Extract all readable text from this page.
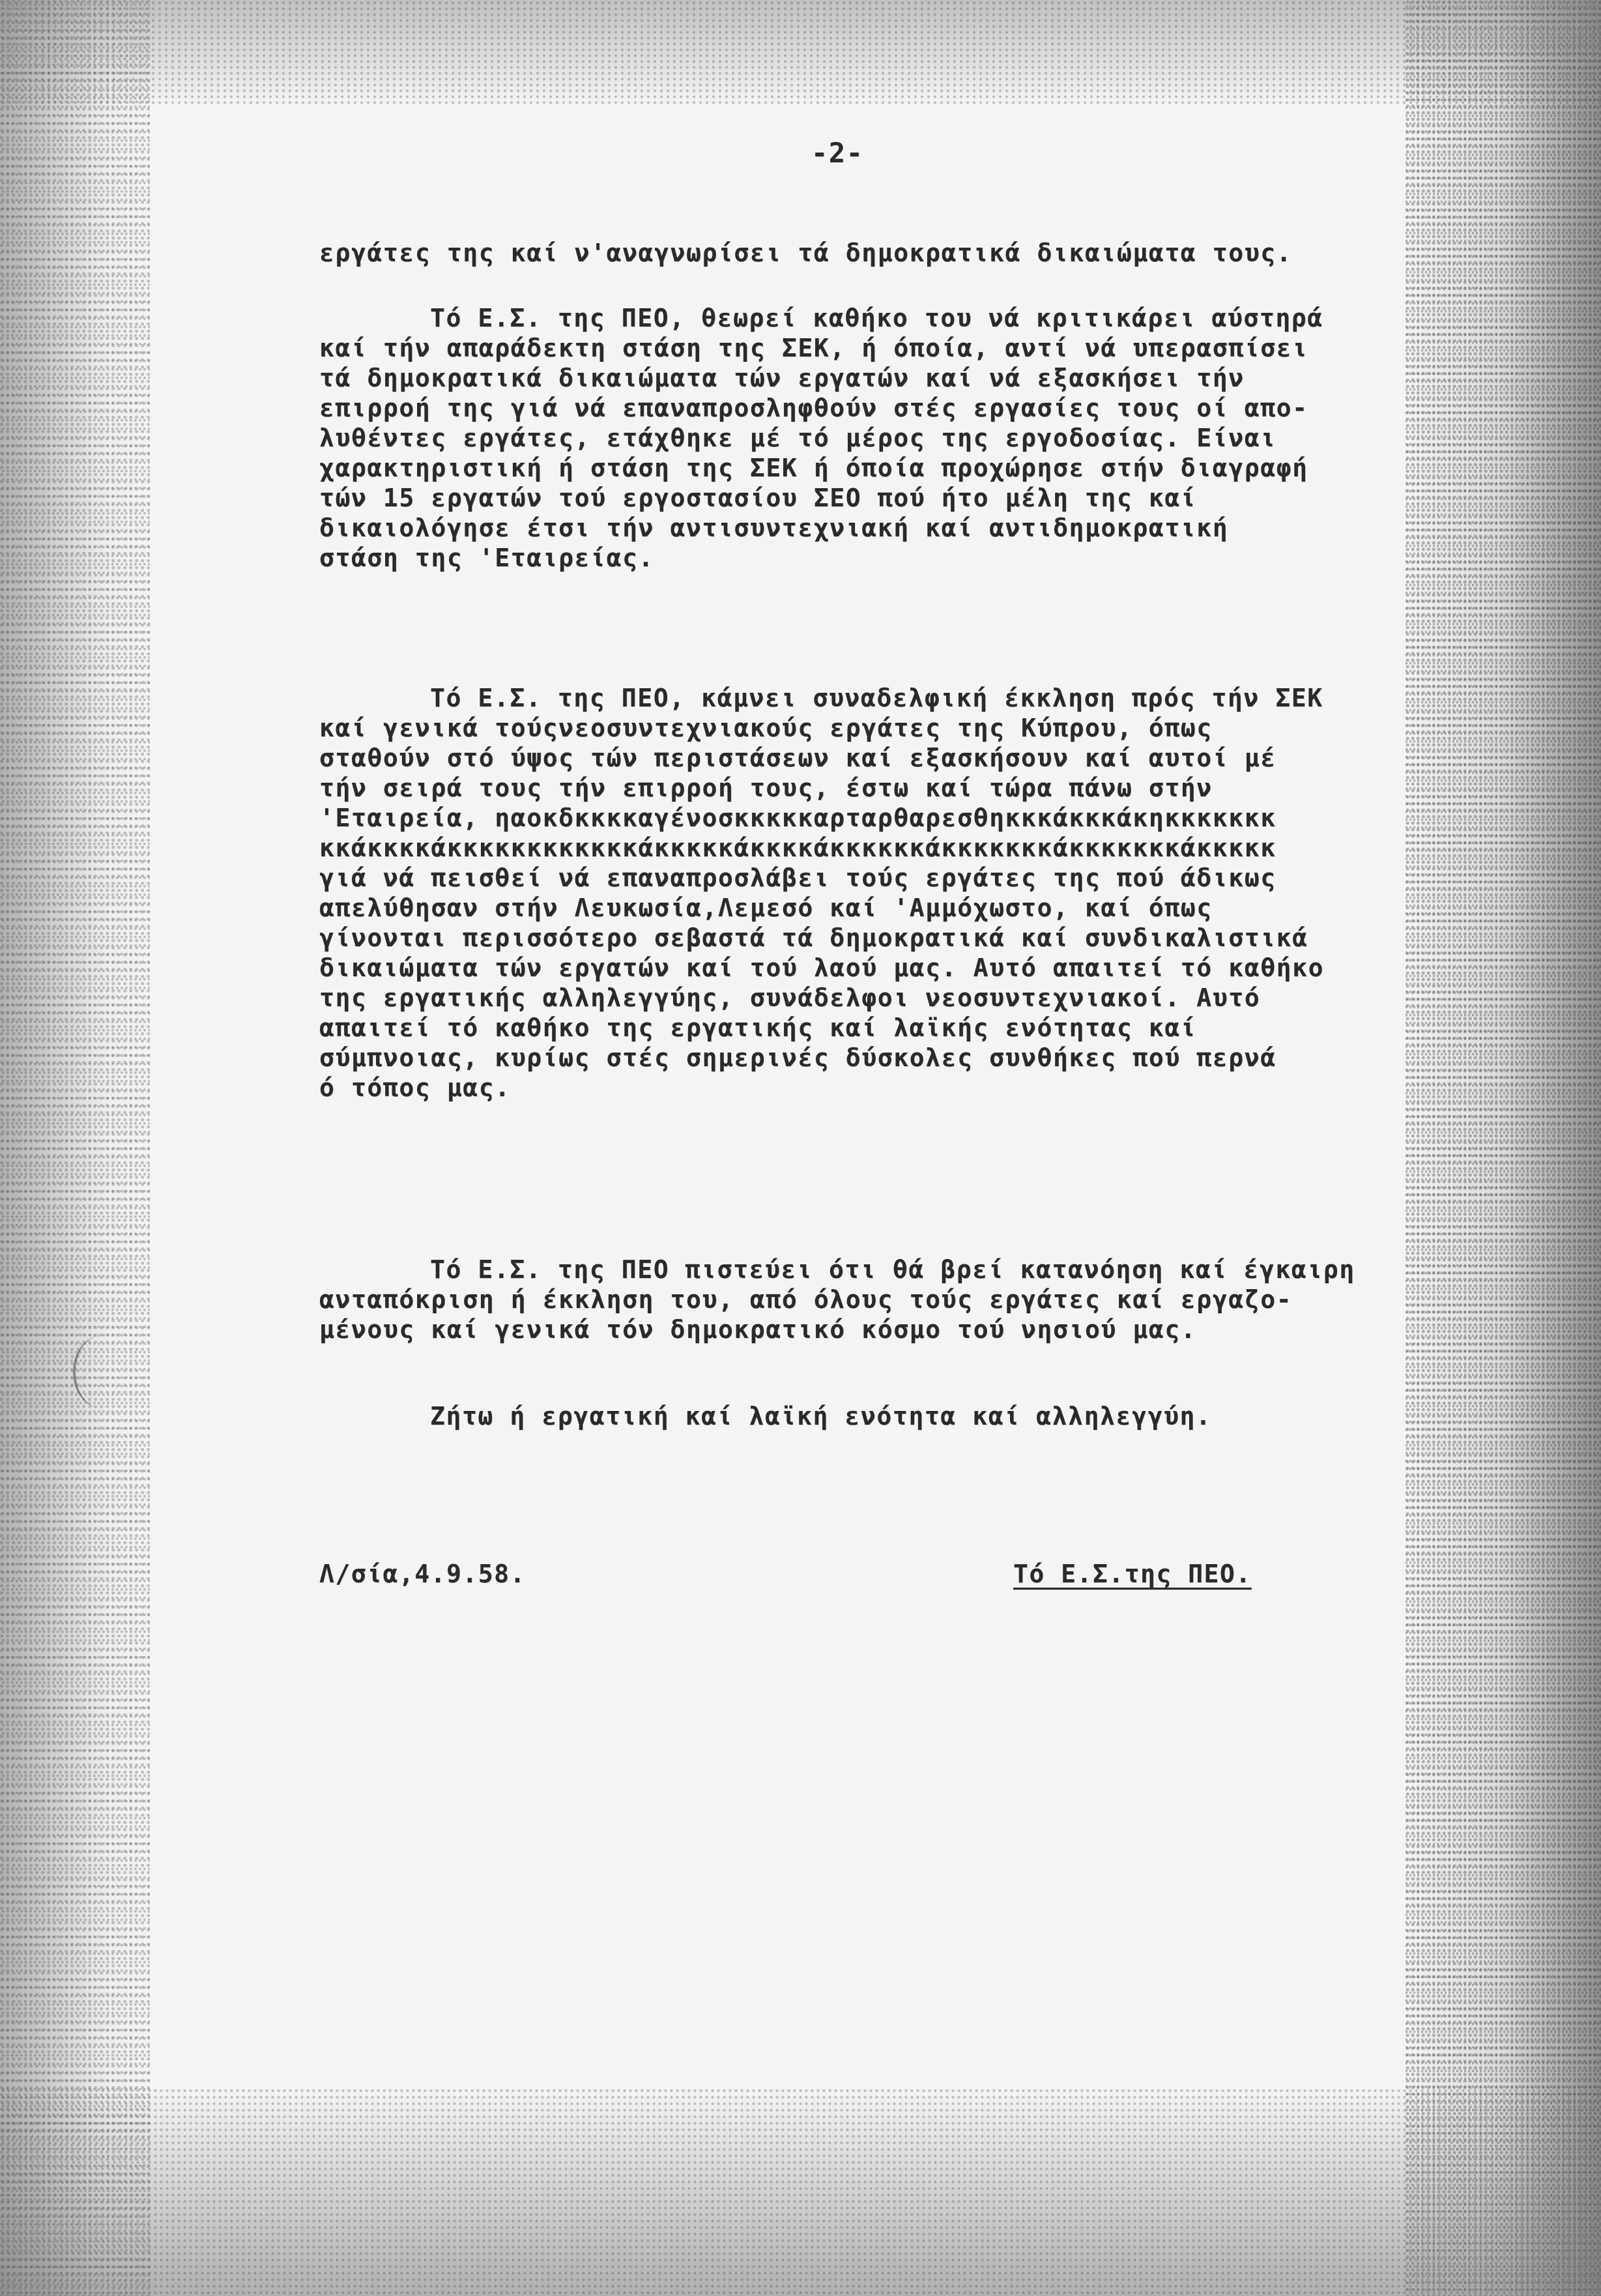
-2-
εργάτες της καί ν'αναγνωρίσει τά δημοκρατικά δικαιώματα τους.
Τό Ε.Σ. της ΠΕΟ, θεωρεί καθήκο του νά κριτικάρει αύστηρά
καί τήν απαράδεκτη στάση της ΣΕΚ, ή όποία, αντί νά υπερασπίσει
τά δημοκρατικά δικαιώματα τών εργατών καί νά εξασκήσει τήν
επιρροή της γιά νά επαναπροσληφθούν στές εργασίες τους οί απο-
λυθέντες εργάτες, ετάχθηκε μέ τό μέρος της εργοδοσίας. Είναι
χαρακτηριστική ή στάση της ΣΕΚ ή όποία προχώρησε στήν διαγραφή
τών 15 εργατών τού εργοστασίου ΣΕΟ πού ήτο μέλη της καί
δικαιολόγησε έτσι τήν αντισυντεχνιακή καί αντιδημοκρατική
στάση της 'Εταιρείας.
Τό Ε.Σ. της ΠΕΟ, κάμνει συναδελφική έκκληση πρός τήν ΣΕΚ
καί γενικά τούςνεοσυντεχνιακούς εργάτες της Κύπρου, όπως
σταθούν στό ύψος τών περιστάσεων καί εξασκήσουν καί αυτοί μέ
τήν σειρά τους τήν επιρροή τους, έστω καί τώρα πάνω στήν
'Εταιρεία, ηαοκδκκκκαγένοσκκκκκαρταρθαρεσθηκκκάκκκάκηκκκκκκκ
κκάκκκκάκκκκκκκκκκκκάκκκκκάκκκκάκκκκκκάκκκκκκκάκκκκκκκάκκκκκ
γιά νά πεισθεί νά επαναπροσλάβει τούς εργάτες της πού άδικως
απελύθησαν στήν Λευκωσία,Λεμεσό καί 'Αμμόχωστο, καί όπως
γίνονται περισσότερο σεβαστά τά δημοκρατικά καί συνδικαλιστικά
δικαιώματα τών εργατών καί τού λαού μας. Αυτό απαιτεί τό καθήκο
της εργατικής αλληλεγγύης, συνάδελφοι νεοσυντεχνιακοί. Αυτό
απαιτεί τό καθήκο της εργατικής καί λαϊκής ενότητας καί
σύμπνοιας, κυρίως στές σημερινές δύσκολες συνθήκες πού περνά
ό τόπος μας.
Τό Ε.Σ. της ΠΕΟ πιστεύει ότι θά βρεί κατανόηση καί έγκαιρη
ανταπόκριση ή έκκληση του, από όλους τούς εργάτες καί εργαζο-
μένους καί γενικά τόν δημοκρατικό κόσμο τού νησιού μας.
Ζήτω ή εργατική καί λαϊκή ενότητα καί αλληλεγγύη.
Λ/σία,4.9.58.	Τό Ε.Σ.της ΠΕΟ.
